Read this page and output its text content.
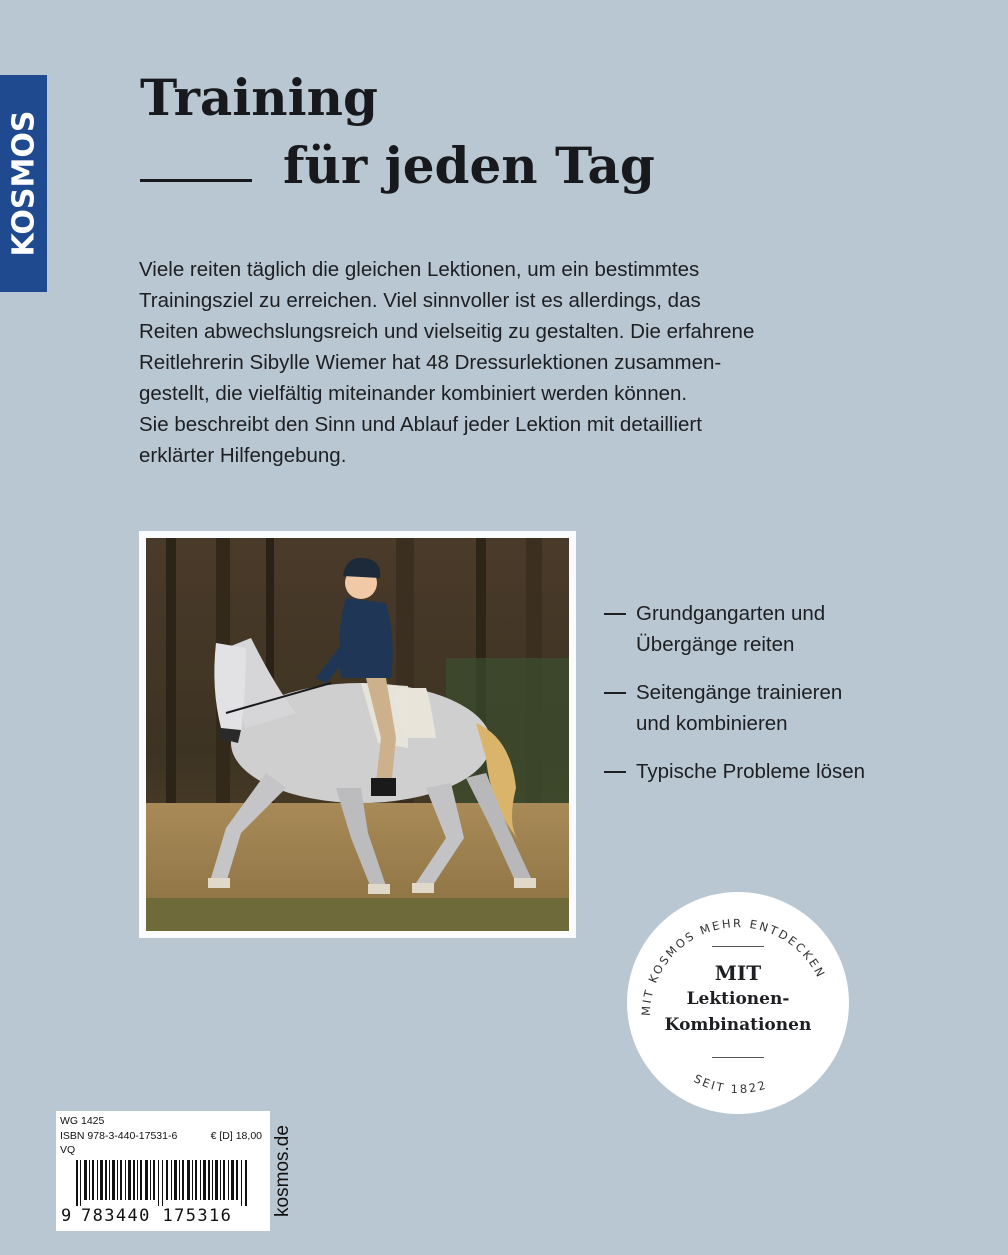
KOSMOS
Training
für jeden Tag
Viele reiten täglich die gleichen Lektionen, um ein bestimmtes
Trainingsziel zu erreichen. Viel sinnvoller ist es allerdings, das
Reiten abwechslungsreich und vielseitig zu gestalten. Die erfahrene
Reitlehrerin Sibylle Wiemer hat 48 Dressurlektionen zusammen-
gestellt, die vielfältig miteinander kombiniert werden können.
Sie beschreibt den Sinn und Ablauf jeder Lektion mit detailliert
erklärter Hilfengebung.
Grundgangarten und
Übergänge reiten
Seitengänge trainieren
und kombinieren
Typische Probleme lösen
MIT KOSMOS MEHR ENTDECKEN
SEIT 1822
MIT
Lektionen-
Kombinationen
WG 1425
ISBN 978-3-440-17531-6	€ [D] 18,00
VQ
9 783440 175316 kosmos.de
